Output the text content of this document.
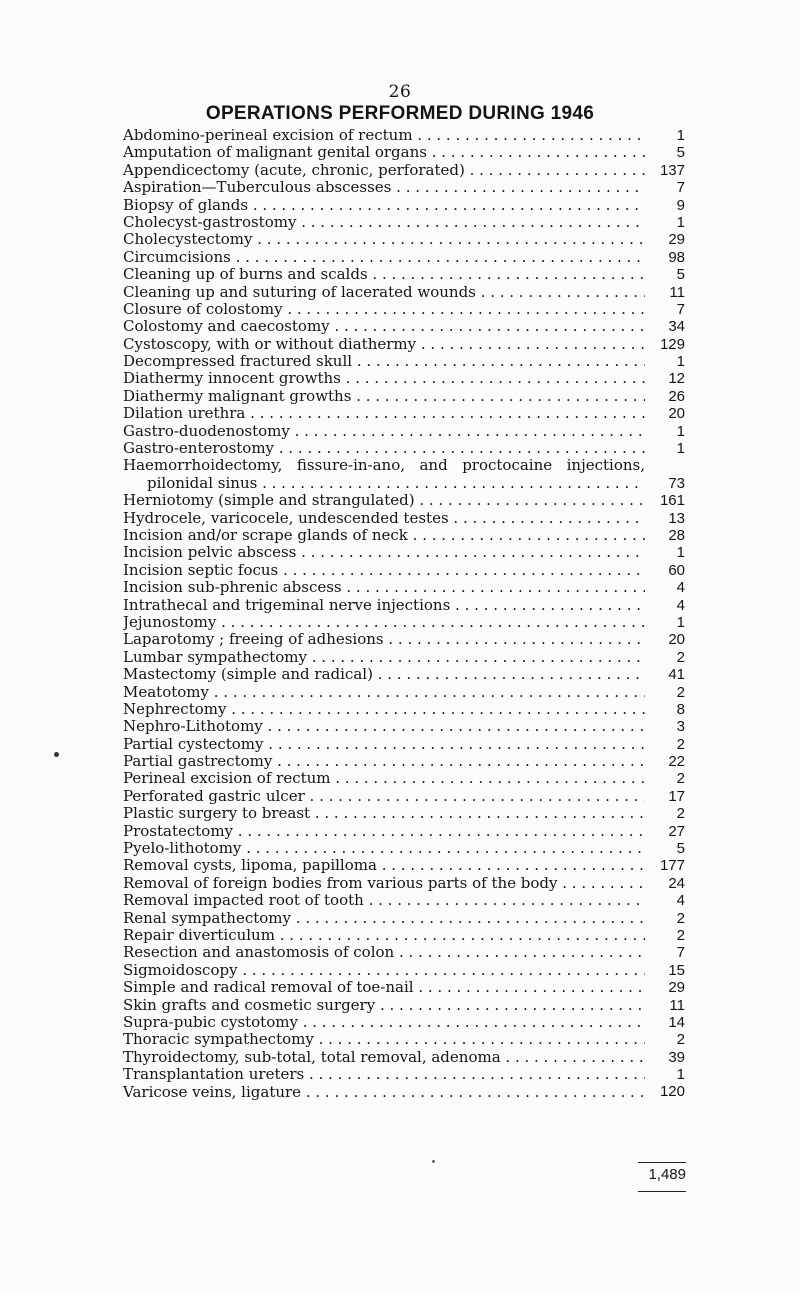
26
OPERATIONS PERFORMED DURING 1946
Abdomino-perineal excision of rectum . . .	1
Amputation of malignant genital organs . . .	5
Appendicectomy (acute, chronic, perforated) . . .	137
Aspiration—Tuberculous abscesses . . .	7
Biopsy of glands . . .	9
Cholecyst-gastrostomy . . .	1
Cholecystectomy . . .	29
Circumcisions . . .	98
Cleaning up of burns and scalds . . .	5
Cleaning up and suturing of lacerated wounds . . .	11
Closure of colostomy . . .	7
Colostomy and caecostomy . . .	34
Cystoscopy, with or without diathermy . . .	129
Decompressed fractured skull . . .	1
Diathermy innocent growths . . .	12
Diathermy malignant growths . . .	26
Dilation urethra . . .	20
Gastro-duodenostomy . . .	1
Gastro-enterostomy . . .	1
Haemorrhoidectomy, fissure-in-ano, and proctocaine injections,
pilonidal sinus . . .	73
Herniotomy (simple and strangulated) . . .	161
Hydrocele, varicocele, undescended testes . . .	13
Incision and/or scrape glands of neck . . .	28
Incision pelvic abscess . . .	1
Incision septic focus . . .	60
Incision sub-phrenic abscess . . .	4
Intrathecal and trigeminal nerve injections . . .	4
Jejunostomy . . .	1
Laparotomy ; freeing of adhesions . . .	20
Lumbar sympathectomy . . .	2
Mastectomy (simple and radical) . . .	41
Meatotomy . . .	2
Nephrectomy . . .	8
Nephro-Lithotomy . . .	3
Partial cystectomy . . .	2
Partial gastrectomy . . .	22
Perineal excision of rectum . . .	2
Perforated gastric ulcer . . .	17
Plastic surgery to breast . . .	2
Prostatectomy . . .	27
Pyelo-lithotomy . . .	5
Removal cysts, lipoma, papilloma . . .	177
Removal of foreign bodies from various parts of the body . . .	24
Removal impacted root of tooth . . .	4
Renal sympathectomy . . .	2
Repair diverticulum . . .	2
Resection and anastomosis of colon . . .	7
Sigmoidoscopy . . .	15
Simple and radical removal of toe-nail . . .	29
Skin grafts and cosmetic surgery . . .	11
Supra-pubic cystotomy . . .	14
Thoracic sympathectomy . . .	2
Thyroidectomy, sub-total, total removal, adenoma . . .	39
Transplantation ureters . . .	1
Varicose veins, ligature . . .	120
1,489
